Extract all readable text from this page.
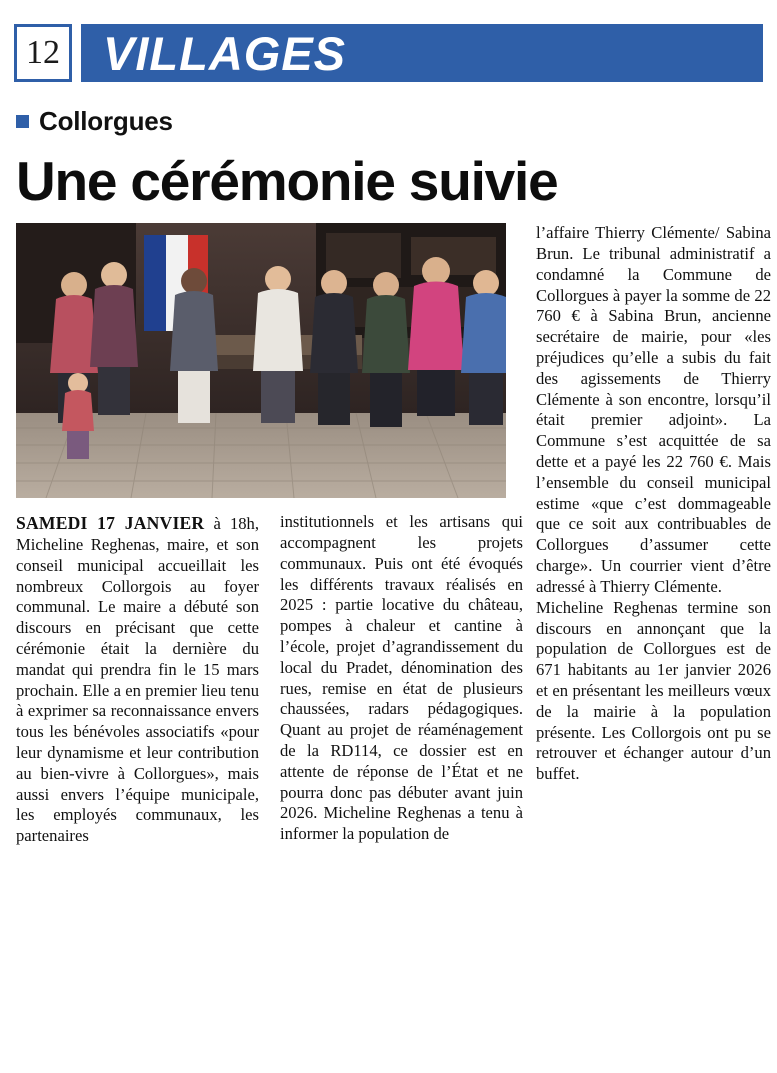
12 VILLAGES
Collorgues
Une cérémonie suivie

SAMEDI 17 JANVIER à 18h, Micheline Reghenas, maire, et son conseil municipal accueillait les nombreux Collorgois au foyer communal. Le maire a débuté son discours en précisant que cette cérémonie était la dernière du mandat qui prendra fin le 15 mars prochain. Elle a en premier lieu tenu à exprimer sa reconnaissance envers tous les bénévoles associatifs «pour leur dynamisme et leur contribution au bien-vivre à Collorgues», mais aussi envers l’équipe municipale, les employés communaux, les partenaires

institutionnels et les artisans qui accompagnent les projets communaux. Puis ont été évoqués les différents travaux réalisés en 2025 : partie locative du château, pompes à chaleur et cantine à l’école, projet d’agrandissement du local du Pradet, dénomination des rues, remise en état de plusieurs chaussées, radars pédagogiques. Quant au projet de réaménagement de la RD114, ce dossier est en attente de réponse de l’État et ne pourra donc pas débuter avant juin 2026. Micheline Reghenas a tenu à informer la population de

l’affaire Thierry Clémente/ Sabina Brun. Le tribunal administratif a condamné la Commune de Collorgues à payer la somme de 22 760 € à Sabina Brun, ancienne secrétaire de mairie, pour «les préjudices qu’elle a subis du fait des agissements de Thierry Clémente à son encontre, lorsqu’il était premier adjoint». La Commune s’est acquittée de sa dette et a payé les 22 760 €. Mais l’ensemble du conseil municipal estime «que c’est dommageable que ce soit aux contribuables de Collorgues d’assumer cette charge». Un courrier vient d’être adressé à Thierry Clémente.

Micheline Reghenas termine son discours en annonçant que la population de Collorgues est de 671 habitants au 1er janvier 2026 et en présentant les meilleurs vœux de la mairie à la population présente. Les Collorgois ont pu se retrouver et échanger autour d’un buffet.
